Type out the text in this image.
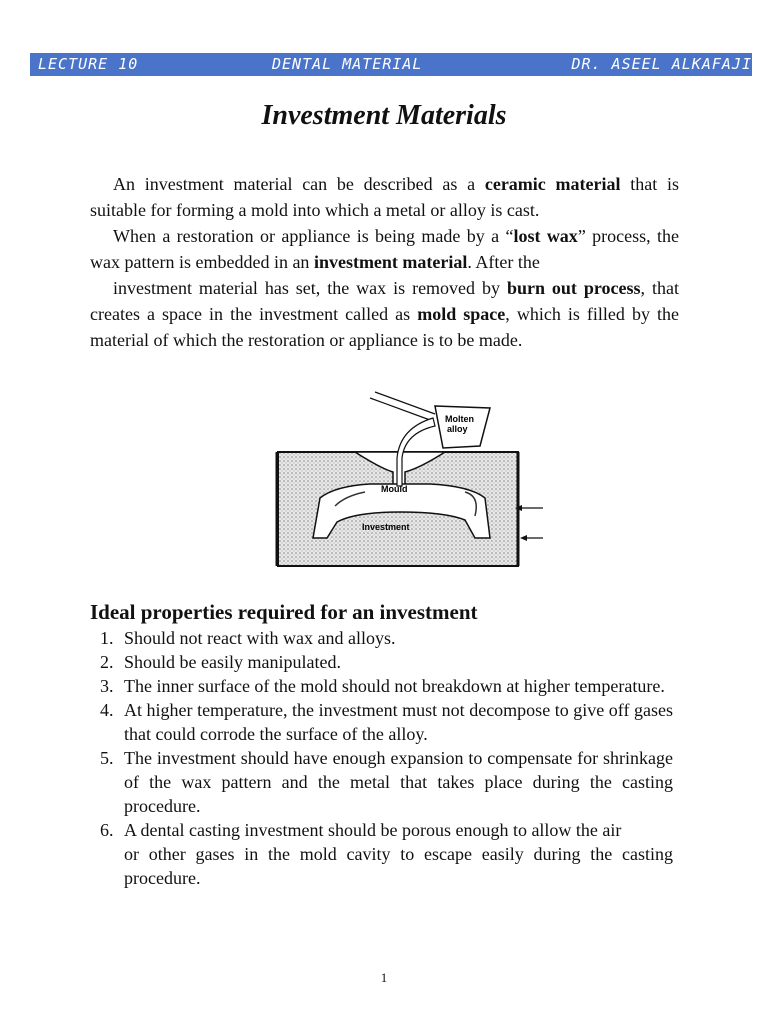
LECTURE 10	DENTAL MATERIAL	DR. ASEEL ALKAFAJI
Investment Materials

An investment material can be described as a ceramic material that is suitable for forming a mold into which a metal or alloy is cast.

When a restoration or appliance is being made by a “lost wax” process, the wax pattern is embedded in an investment material. After the

investment material has set, the wax is removed by burn out process, that creates a space in the investment called as mold space, which is filled by the material of which the restoration or appliance is to be made.

Molten
alloy
Mould
Investment
Ideal properties required for an investment
1. Should not react with wax and alloys.
2. Should be easily manipulated.
3. The inner surface of the mold should not breakdown at higher temperature.
4. At higher temperature, the investment must not decompose to give off gases that could corrode the surface of the alloy.
5. The investment should have enough expansion to compensate for shrinkage of the wax pattern and the metal that takes place during the casting procedure.
6. A dental casting investment should be porous enough to allow the air
or other gases in the mold cavity to escape easily during the casting procedure.
1
